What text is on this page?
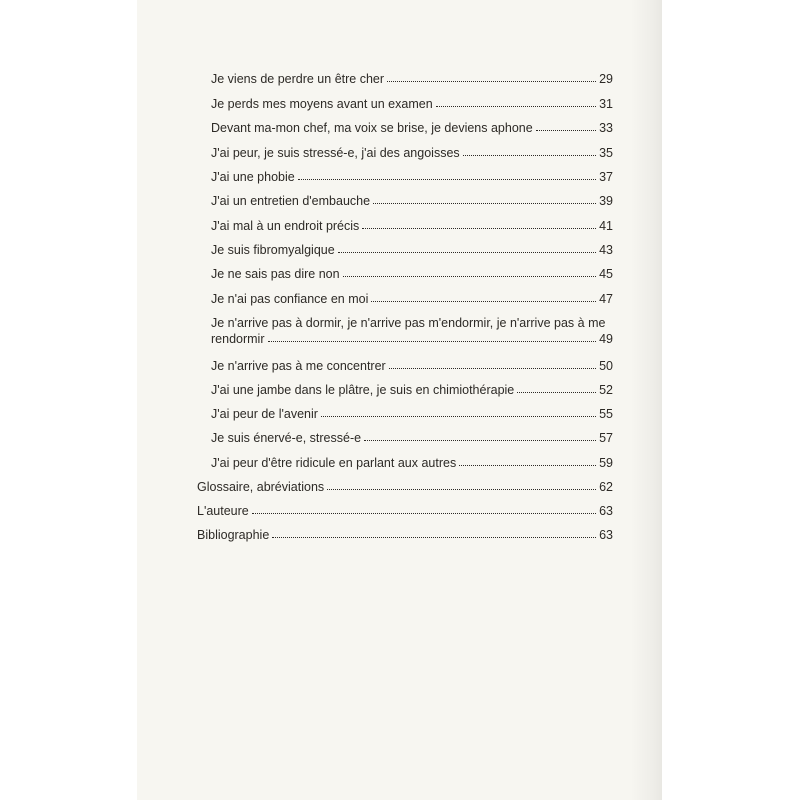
Je viens de perdre un être cher	29
Je perds mes moyens avant un examen	31
Devant ma-mon chef, ma voix se brise, je deviens aphone	33
J'ai peur, je suis stressé-e, j'ai des angoisses	35
J'ai une phobie	37
J'ai un entretien d'embauche	39
J'ai mal à un endroit précis	41
Je suis fibromyalgique	43
Je ne sais pas dire non	45
Je n'ai pas confiance en moi	47
Je n'arrive pas à dormir, je n'arrive pas m'endormir, je n'arrive pas à me
rendormir	49
Je n'arrive pas à me concentrer	50
J'ai une jambe dans le plâtre, je suis en chimiothérapie	52
J'ai peur de l'avenir	55
Je suis énervé-e, stressé-e	57
J'ai peur d'être ridicule en parlant aux autres	59
Glossaire, abréviations	62
L'auteure	63
Bibliographie	63
